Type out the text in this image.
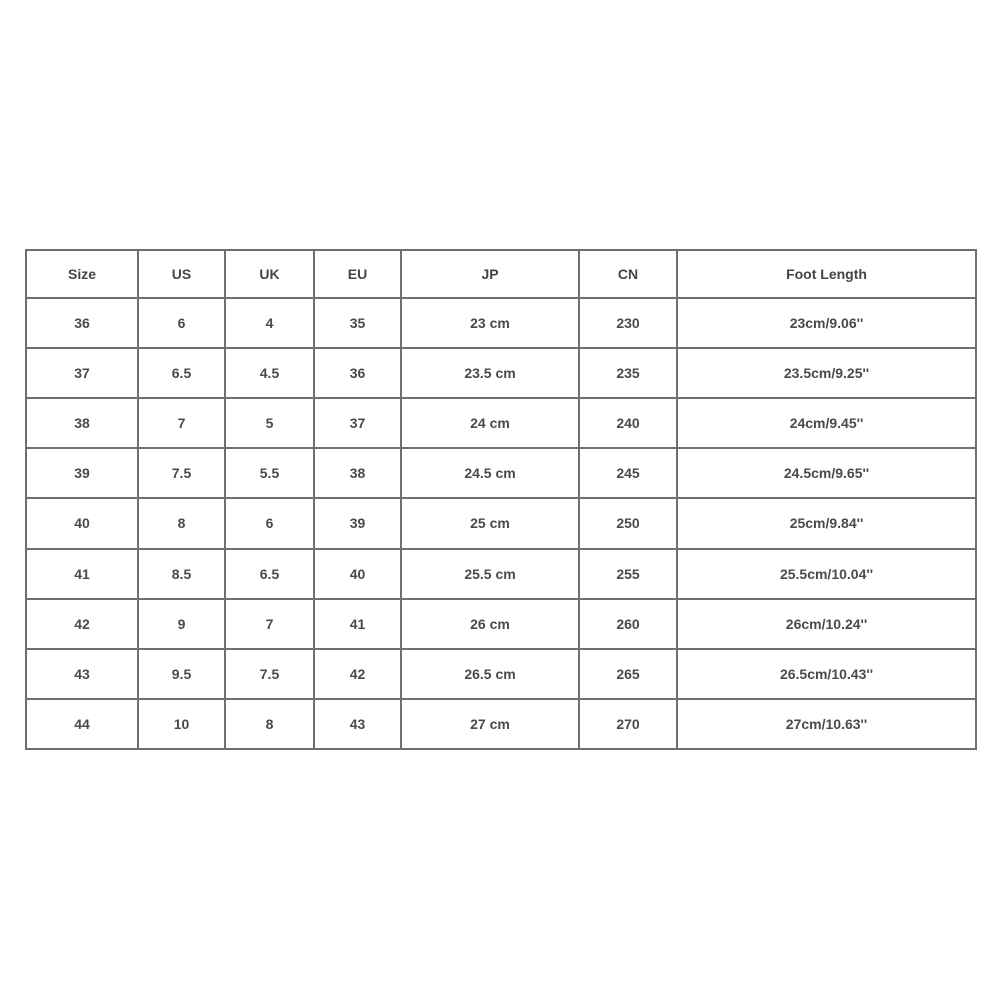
Size	US	UK	EU	JP	CN	Foot Length
36	6	4	35	23 cm	230	23cm/9.06''
37	6.5	4.5	36	23.5 cm	235	23.5cm/9.25''
38	7	5	37	24 cm	240	24cm/9.45''
39	7.5	5.5	38	24.5 cm	245	24.5cm/9.65''
40	8	6	39	25 cm	250	25cm/9.84''
41	8.5	6.5	40	25.5 cm	255	25.5cm/10.04''
42	9	7	41	26 cm	260	26cm/10.24''
43	9.5	7.5	42	26.5 cm	265	26.5cm/10.43''
44	10	8	43	27 cm	270	27cm/10.63''
